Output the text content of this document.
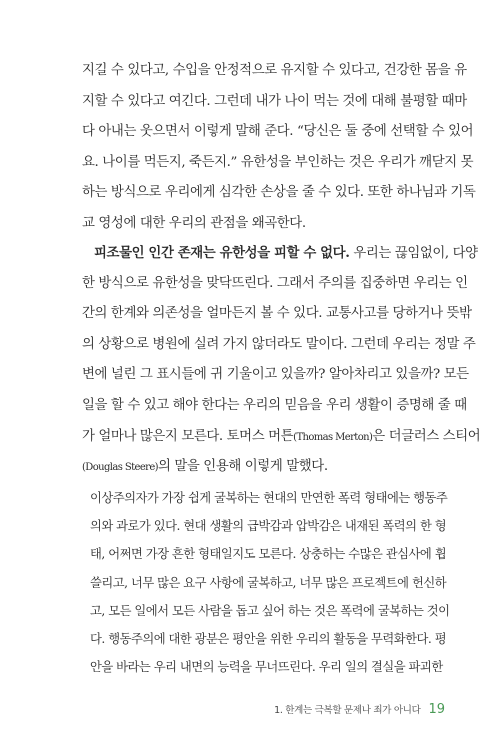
지길 수 있다고, 수입을 안정적으로 유지할 수 있다고, 건강한 몸을 유
지할 수 있다고 여긴다. 그런데 내가 나이 먹는 것에 대해 불평할 때마
다 아내는 웃으면서 이렇게 말해 준다. “당신은 둘 중에 선택할 수 있어
요. 나이를 먹든지, 죽든지.” 유한성을 부인하는 것은 우리가 깨닫지 못
하는 방식으로 우리에게 심각한 손상을 줄 수 있다. 또한 하나님과 기독
교 영성에 대한 우리의 관점을 왜곡한다.
피조물인 인간 존재는 유한성을 피할 수 없다. 우리는 끊임없이, 다양
한 방식으로 유한성을 맞닥뜨린다. 그래서 주의를 집중하면 우리는 인
간의 한계와 의존성을 얼마든지 볼 수 있다. 교통사고를 당하거나 뜻밖
의 상황으로 병원에 실려 가지 않더라도 말이다. 그런데 우리는 정말 주
변에 널린 그 표시들에 귀 기울이고 있을까? 알아차리고 있을까? 모든
일을 할 수 있고 해야 한다는 우리의 믿음을 우리 생활이 증명해 줄 때
가 얼마나 많은지 모른다. 토머스 머튼(Thomas Merton)은 더글러스 스티어
(Douglas Steere)의 말을 인용해 이렇게 말했다.
이상주의자가 가장 쉽게 굴복하는 현대의 만연한 폭력 형태에는 행동주
의와 과로가 있다. 현대 생활의 급박감과 압박감은 내재된 폭력의 한 형
태, 어쩌면 가장 흔한 형태일지도 모른다. 상충하는 수많은 관심사에 휩
쓸리고, 너무 많은 요구 사항에 굴복하고, 너무 많은 프로젝트에 헌신하
고, 모든 일에서 모든 사람을 돕고 싶어 하는 것은 폭력에 굴복하는 것이
다. 행동주의에 대한 광분은 평안을 위한 우리의 활동을 무력화한다. 평
안을 바라는 우리 내면의 능력을 무너뜨린다. 우리 일의 결실을 파괴한
1. 한계는 극복할 문제나 죄가 아니다 19
